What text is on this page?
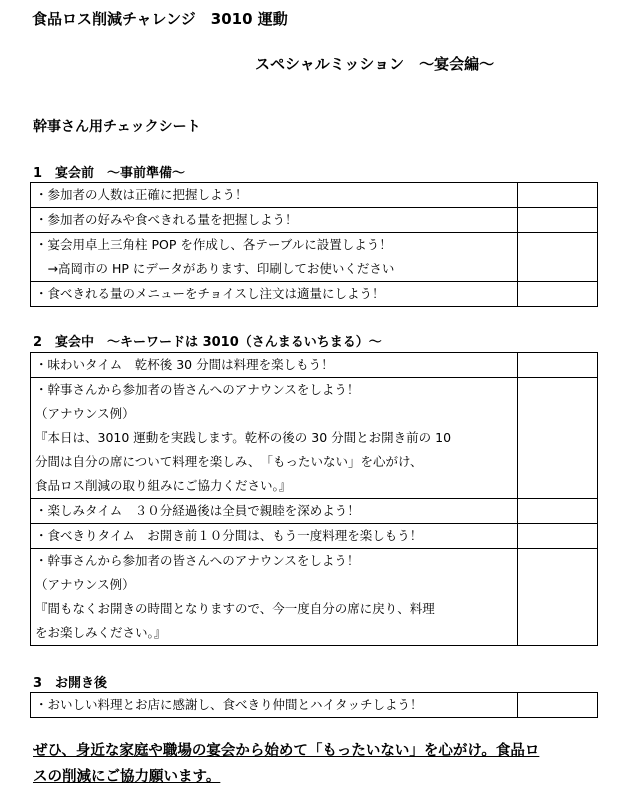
食品ロス削減チャレンジ　3010 運動
スペシャルミッション　～宴会編～
幹事さん用チェックシート
1　宴会前　～事前準備～
・参加者の人数は正確に把握しよう！	

・参加者の好みや食べきれる量を把握しよう！	

・宴会用卓上三角柱 POP を作成し、各テーブルに設置しよう！
　→高岡市の HP にデータがあります、印刷してお使いください	

・食べきれる量のメニューをチョイスし注文は適量にしよう！	

2　宴会中　～キーワードは 3010（さんまるいちまる）～
・味わいタイム　乾杯後 30 分間は料理を楽しもう！	

・幹事さんから参加者の皆さんへのアナウンスをしよう！
（アナウンス例）
『本日は、3010 運動を実践します。乾杯の後の 30 分間とお開き前の 10
分間は自分の席について料理を楽しみ、　「もったいない」を心がけ、
食品ロス削減の取り組みにご協力ください。』	

・楽しみタイム　３０分経過後は全員で親睦を深めよう！	

・食べきりタイム　お開き前１０分間は、もう一度料理を楽しもう！	

・幹事さんから参加者の皆さんへのアナウンスをしよう！
（アナウンス例）
『間もなくお開きの時間となりますので、今一度自分の席に戻り、料理
をお楽しみください。』	

3　お開き後
・おいしい料理とお店に感謝し、食べきり仲間とハイタッチしよう！

ぜひ、身近な家庭や職場の宴会から始めて「もったいない」を心がけ。食品ロ
スの削減にご協力願います。
